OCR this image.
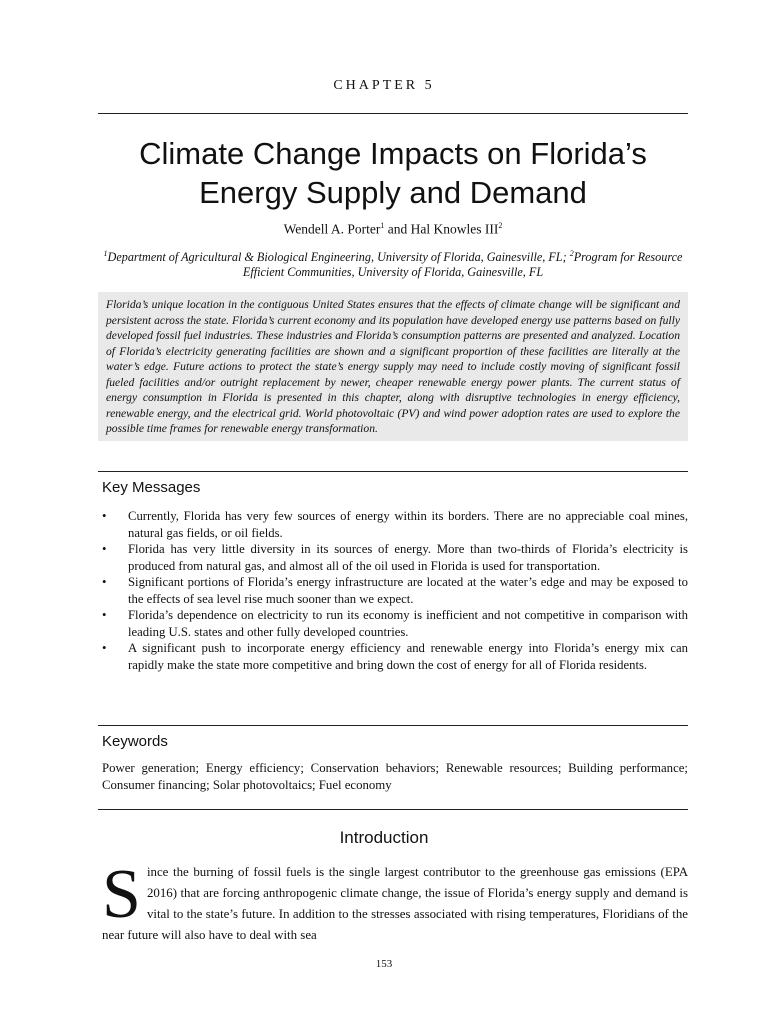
CHAPTER 5
Climate Change Impacts on Florida’s
Energy Supply and Demand
Wendell A. Porter$^1$ and Hal Knowles III$^2$
$^1$Department of Agricultural & Biological Engineering, University of Florida, Gainesville, FL; $^2$Program for Resource Efficient Communities, University of Florida, Gainesville, FL
Florida’s unique location in the contiguous United States ensures that the effects of climate change will be significant and persistent across the state. Florida’s current economy and its population have developed energy use patterns based on fully developed fossil fuel industries. These industries and Florida’s consumption patterns are presented and analyzed. Location of Florida’s electricity generating facilities are shown and a significant proportion of these facilities are literally at the water’s edge. Future actions to protect the state’s energy supply may need to include costly moving of significant fossil fueled facilities and/or outright replacement by newer, cheaper renewable energy power plants. The current status of energy consumption in Florida is presented in this chapter, along with disruptive technologies in energy efficiency, renewable energy, and the electrical grid. World photovoltaic (PV) and wind power adoption rates are used to explore the possible time frames for renewable energy transformation.
Key Messages
• Currently, Florida has very few sources of energy within its borders. There are no appreciable coal mines, natural gas fields, or oil fields.
• Florida has very little diversity in its sources of energy. More than two-thirds of Florida’s electricity is produced from natural gas, and almost all of the oil used in Florida is used for transportation.
• Significant portions of Florida’s energy infrastructure are located at the water’s edge and may be exposed to the effects of sea level rise much sooner than we expect.
• Florida’s dependence on electricity to run its economy is inefficient and not competitive in comparison with leading U.S. states and other fully developed countries.
• A significant push to incorporate energy efficiency and renewable energy into Florida’s energy mix can rapidly make the state more competitive and bring down the cost of energy for all of Florida residents.
Keywords
Power generation; Energy efficiency; Conservation behaviors; Renewable resources; Building performance; Consumer financing; Solar photovoltaics; Fuel economy
Introduction
Since the burning of fossil fuels is the single largest contributor to the greenhouse gas emissions (EPA 2016) that are forcing anthropogenic climate change, the issue of Florida’s energy supply and demand is vital to the state’s future. In addition to the stresses associated with rising temperatures, Floridians of the near future will also have to deal with sea
153
